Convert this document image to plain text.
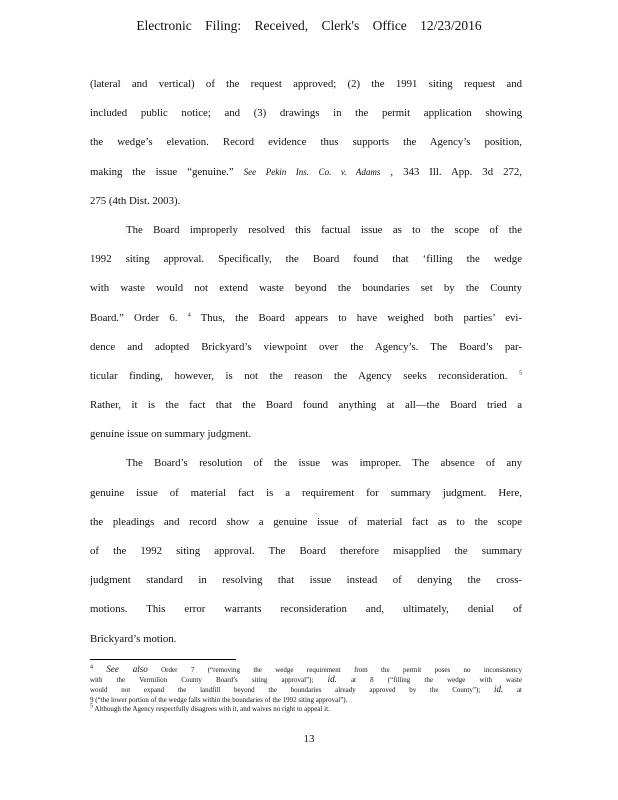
Electronic Filing: Received, Clerk's Office 12/23/2016
(lateral and vertical) of the request approved; (2) the 1991 siting request and
included public notice; and (3) drawings in the permit application showing
the wedge’s elevation. Record evidence thus supports the Agency’s position,
making the issue “genuine.” See Pekin Ins. Co. v. Adams , 343 Ill. App. 3d 272,
275 (4th Dist. 2003).
The Board improperly resolved this factual issue as to the scope of the
1992 siting approval. Specifically, the Board found that ‘filling the wedge
with waste would not extend waste beyond the boundaries set by the County
Board.” Order 6. $^4$ Thus, the Board appears to have weighed both parties’ evi-
dence and adopted Brickyard’s viewpoint over the Agency’s. The Board’s par-
ticular finding, however, is not the reason the Agency seeks reconsideration. $^5$
Rather, it is the fact that the Board found anything at all—the Board tried a
genuine issue on summary judgment.
The Board’s resolution of the issue was improper. The absence of any
genuine issue of material fact is a requirement for summary judgment. Here,
the pleadings and record show a genuine issue of material fact as to the scope
of the 1992 siting approval. The Board therefore misapplied the summary
judgment standard in resolving that issue instead of denying the cross-
motions. This error warrants reconsideration and, ultimately, denial of
Brickyard’s motion.
4 See also Order 7 (“removing the wedge requirement from the permit poses no inconsistency
with the Vermilion County Board’s siting approval”); id. at 8 (“filling the wedge with waste
would not expand the landfill beyond the boundaries already approved by the County”); id. at
9 (“the lower portion of the wedge falls within the boundaries of the 1992 siting approval”).
5 Although the Agency respectfully disagrees with it, and waives no right to appeal it.
13
